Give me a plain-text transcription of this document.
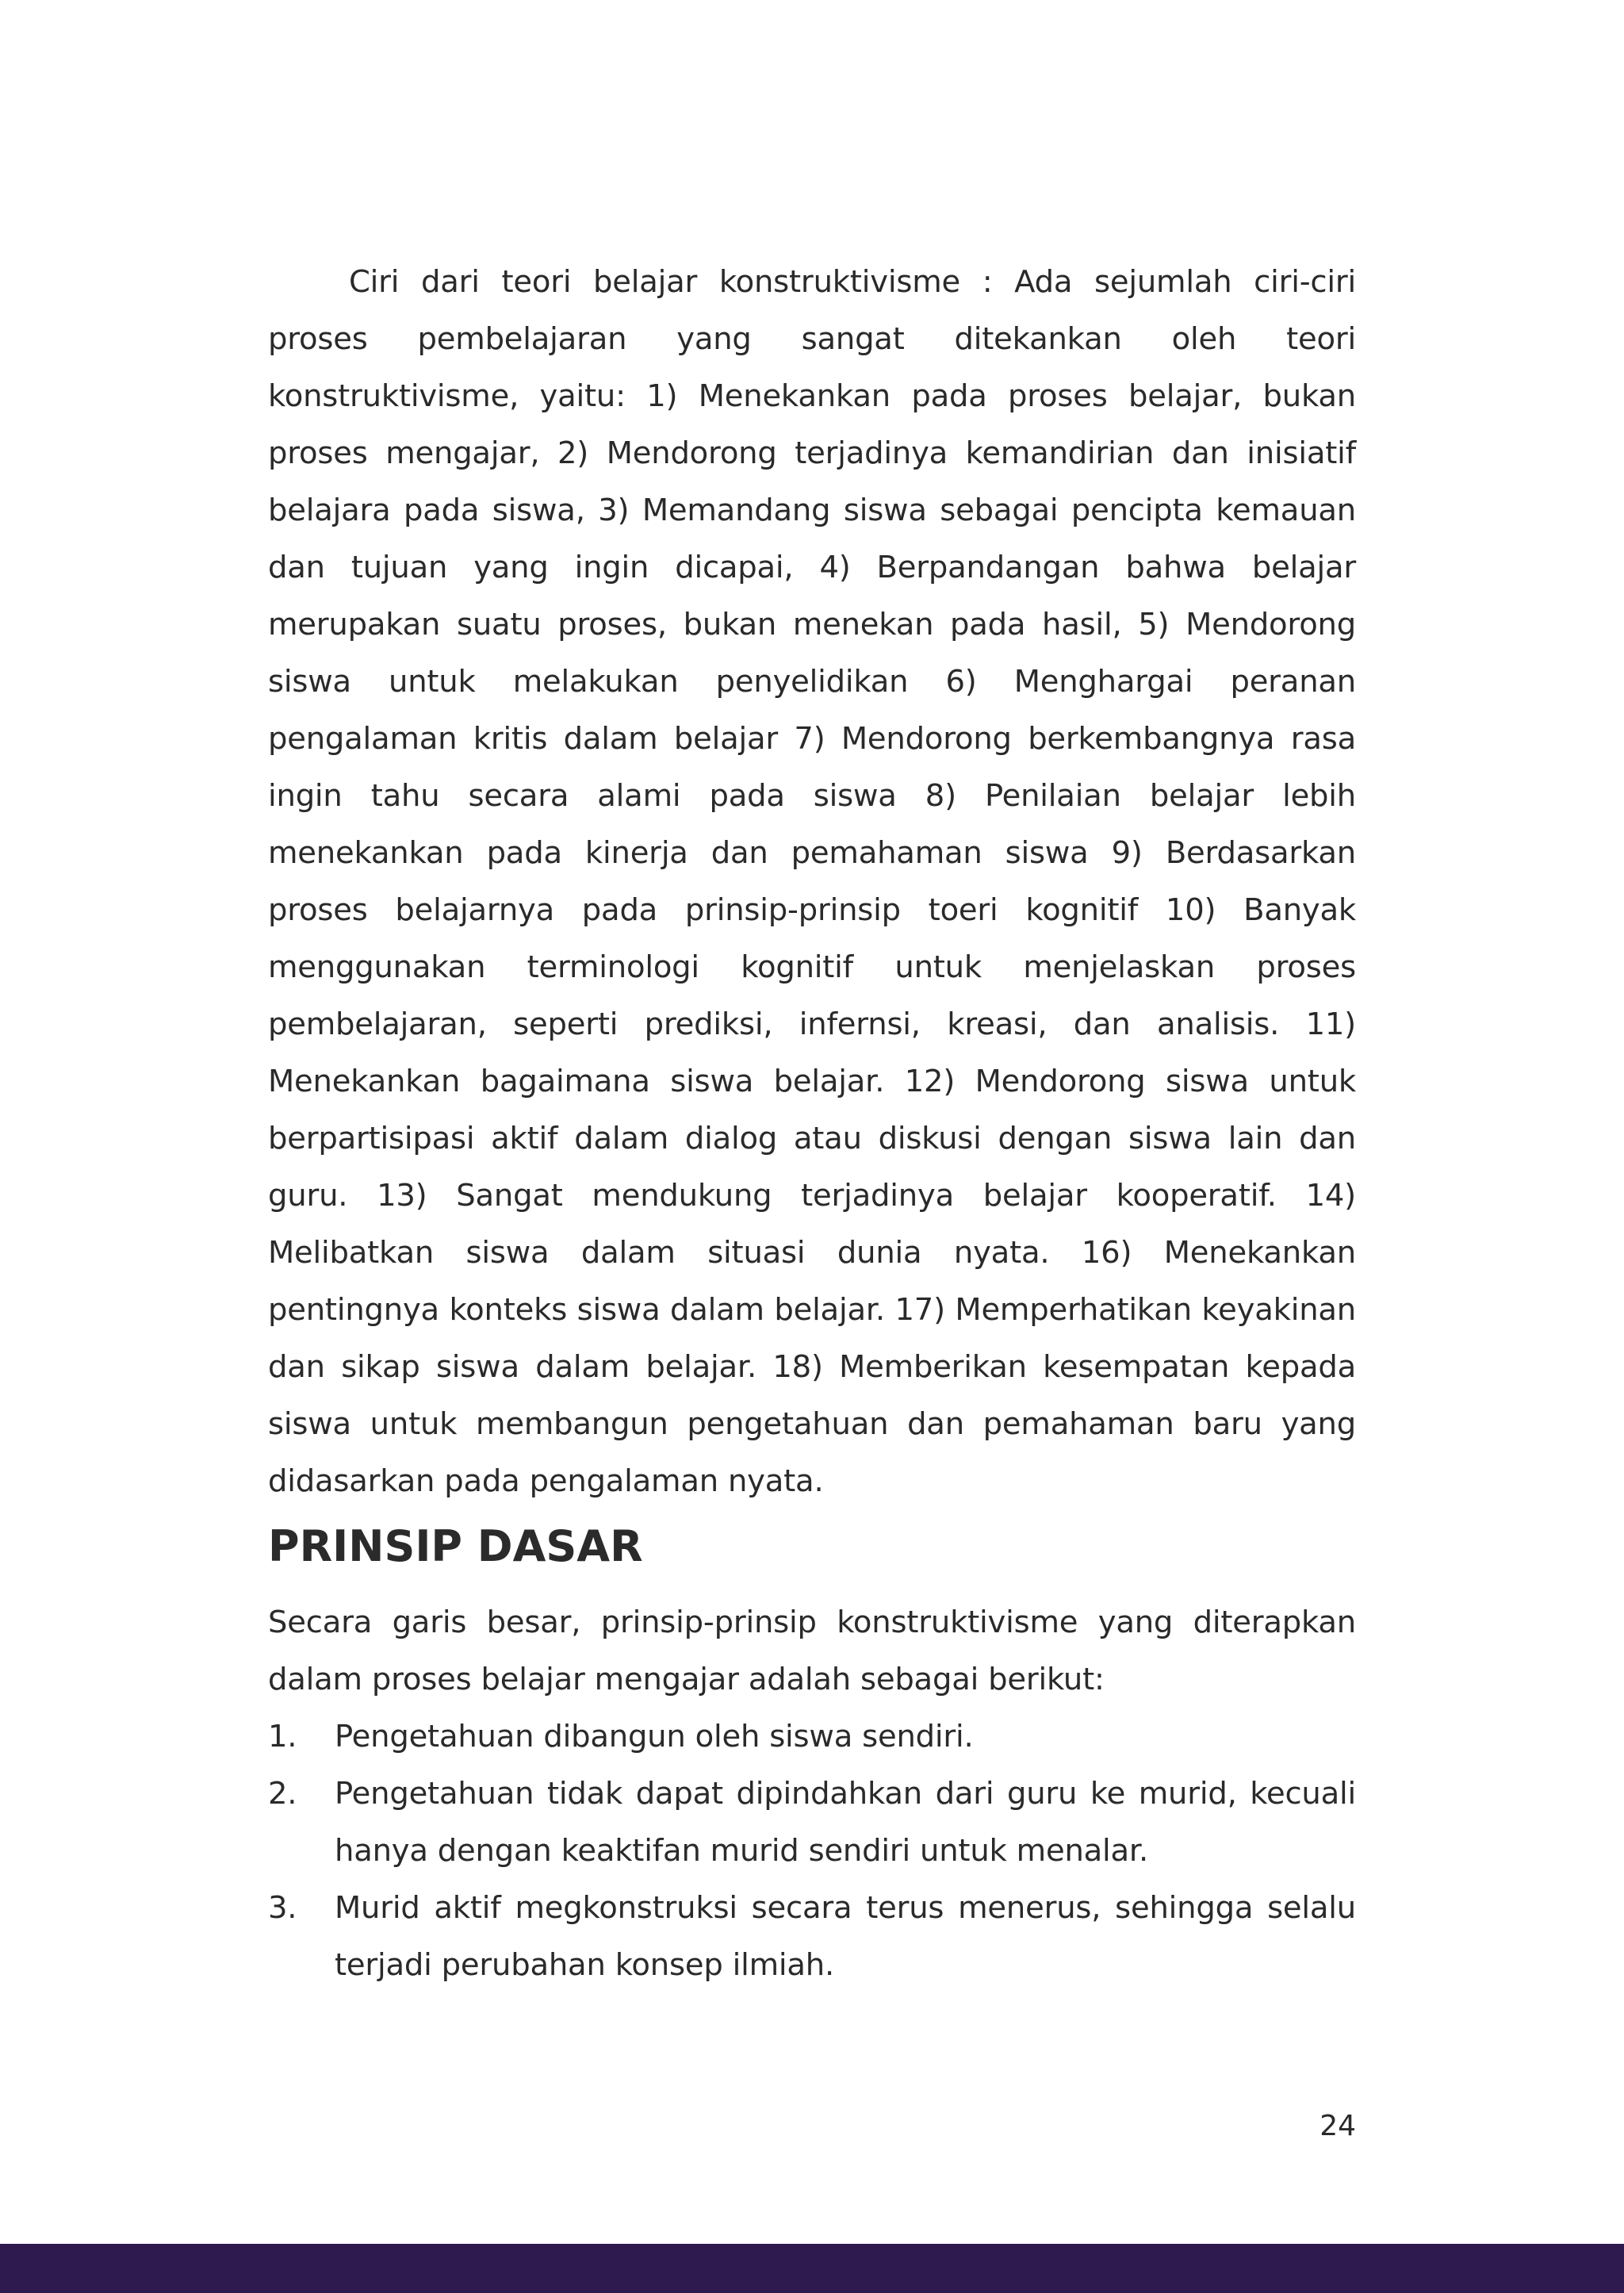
Ciri dari teori belajar konstruktivisme : Ada sejumlah ciri-ciri proses pembelajaran yang sangat ditekankan oleh teori konstruktivisme, yaitu: 1) Menekankan pada proses belajar, bukan proses mengajar, 2) Mendorong terjadinya kemandirian dan inisiatif belajara pada siswa, 3) Memandang siswa sebagai pencipta kemauan dan tujuan yang ingin dicapai, 4) Berpandangan bahwa belajar merupakan suatu proses, bukan menekan pada hasil, 5) Mendorong siswa untuk melakukan penyelidikan 6) Menghargai peranan pengalaman kritis dalam belajar 7) Mendorong berkembangnya rasa ingin tahu secara alami pada siswa 8) Penilaian belajar lebih menekankan pada kinerja dan pemahaman siswa 9) Berdasarkan proses belajarnya pada prinsip-prinsip toeri kognitif 10) Banyak menggunakan terminologi kognitif untuk menjelaskan proses pembelajaran, seperti prediksi, infernsi, kreasi, dan analisis. 11) Menekankan bagaimana siswa belajar. 12) Mendorong siswa untuk berpartisipasi aktif dalam dialog atau diskusi dengan siswa lain dan guru. 13) Sangat mendukung terjadinya belajar kooperatif. 14) Melibatkan siswa dalam situasi dunia nyata. 16) Menekankan pentingnya konteks siswa dalam belajar. 17) Memperhatikan keyakinan dan sikap siswa dalam belajar. 18) Memberikan kesempatan kepada siswa untuk membangun pengetahuan dan pemahaman baru yang didasarkan pada pengalaman nyata.

PRINSIP DASAR

Secara garis besar, prinsip-prinsip konstruktivisme yang diterapkan dalam proses belajar mengajar adalah sebagai berikut:

1.	Pengetahuan dibangun oleh siswa sendiri.
2.	Pengetahuan tidak dapat dipindahkan dari guru ke murid, kecuali hanya dengan keaktifan murid sendiri untuk menalar.
3.	Murid aktif megkonstruksi secara terus menerus, sehingga selalu terjadi perubahan konsep ilmiah.
24
